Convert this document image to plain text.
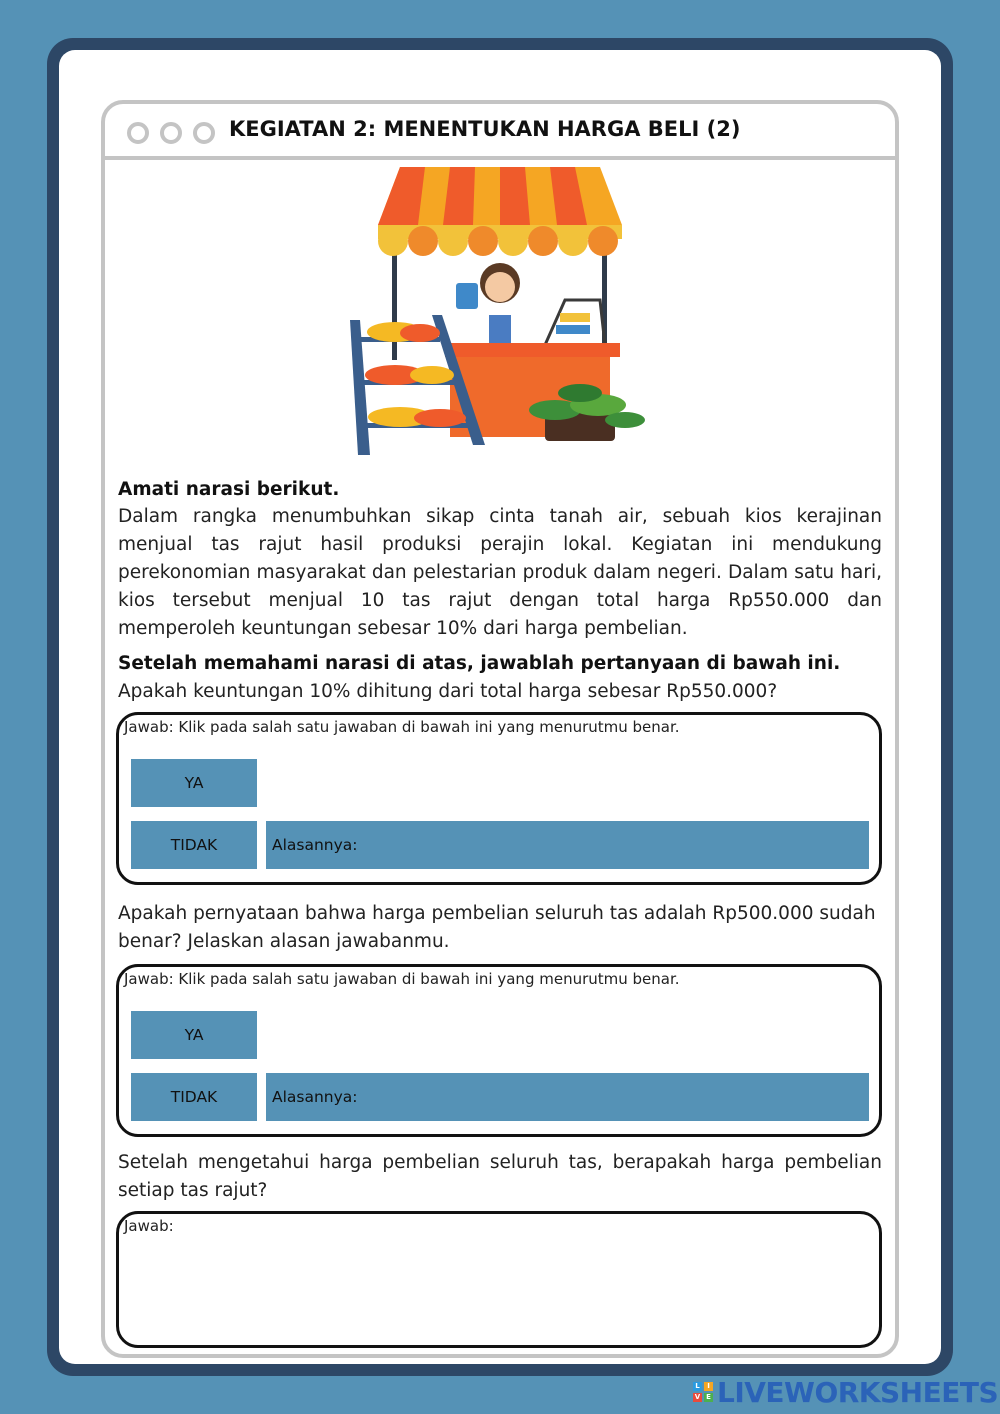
KEGIATAN 2: MENENTUKAN HARGA BELI (2)
Amati narasi berikut.
Dalam rangka menumbuhkan sikap cinta tanah air, sebuah kios kerajinan menjual tas rajut hasil produksi perajin lokal. Kegiatan ini mendukung perekonomian masyarakat dan pelestarian produk dalam negeri. Dalam satu hari, kios tersebut menjual 10 tas rajut dengan total harga Rp550.000 dan memperoleh keuntungan sebesar 10% dari harga pembelian.
Setelah memahami narasi di atas, jawablah pertanyaan di bawah ini.
Apakah keuntungan 10% dihitung dari total harga sebesar Rp550.000?
Jawab: Klik pada salah satu jawaban di bawah ini yang menurutmu benar.
YA
TIDAK	Alasannya:
Apakah pernyataan bahwa harga pembelian seluruh tas adalah Rp500.000 sudah benar? Jelaskan alasan jawabanmu.
Jawab: Klik pada salah satu jawaban di bawah ini yang menurutmu benar.
YA
TIDAK	Alasannya:
Setelah mengetahui harga pembelian seluruh tas, berapakah harga pembelian setiap tas rajut?
Jawab:
L	I
V E LIVEWORKSHEETS
